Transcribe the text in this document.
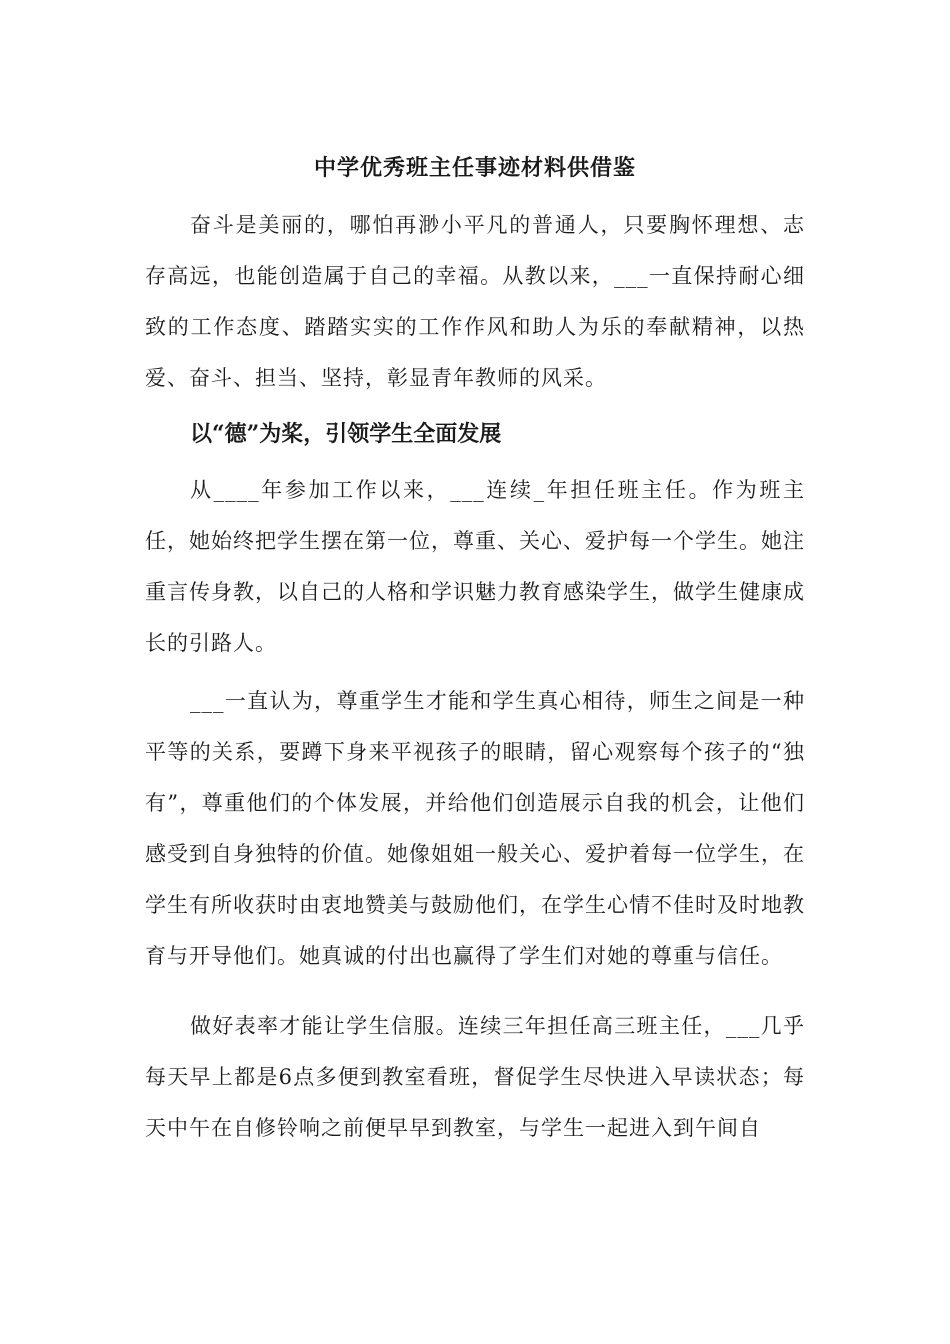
中学优秀班主任事迹材料供借鉴

奋斗是美丽的，哪怕再渺小平凡的普通人，只要胸怀理想、志存高远，也能创造属于自己的幸福。从教以来，___一直保持耐心细致的工作态度、踏踏实实的工作作风和助人为乐的奉献精神，以热爱、奋斗、担当、坚持，彰显青年教师的风采。

以“德”为桨，引领学生全面发展

从____年参加工作以来，___连续_年担任班主任。作为班主任，她始终把学生摆在第一位，尊重、关心、爱护每一个学生。她注重言传身教，以自己的人格和学识魅力教育感染学生，做学生健康成长的引路人。

___一直认为，尊重学生才能和学生真心相待，师生之间是一种平等的关系，要蹲下身来平视孩子的眼睛，留心观察每个孩子的“独有”，尊重他们的个体发展，并给他们创造展示自我的机会，让他们感受到自身独特的价值。她像姐姐一般关心、爱护着每一位学生，在学生有所收获时由衷地赞美与鼓励他们，在学生心情不佳时及时地教育与开导他们。她真诚的付出也赢得了学生们对她的尊重与信任。

做好表率才能让学生信服。连续三年担任高三班主任，___几乎每天早上都是6点多便到教室看班，督促学生尽快进入早读状态；每天中午在自修铃响之前便早早到教室，与学生一起进入到午间自
